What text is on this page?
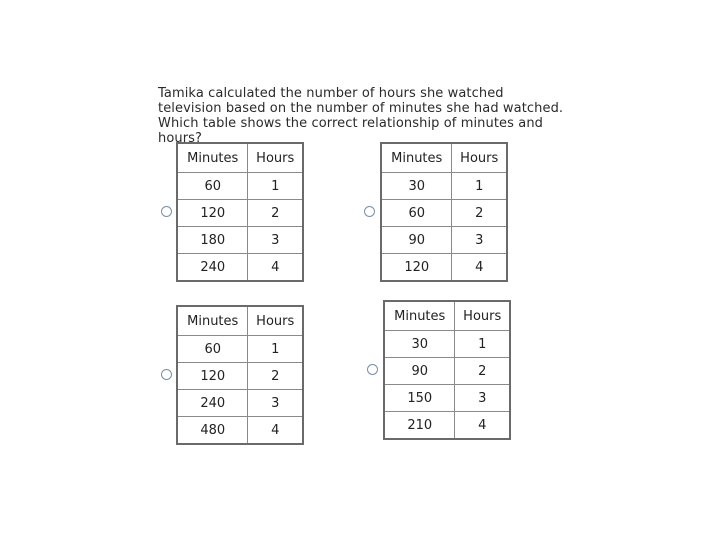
Tamika calculated the number of hours she watched television based on the number of minutes she had watched. Which table shows the correct relationship of minutes and hours?
Minutes	Hours
60	1
120	2
180	3
240	4
Minutes	Hours
30	1
60	2
90	3
120	4
Minutes	Hours
60	1
120	2
240	3
480	4
Minutes	Hours
30	1
90	2
150	3
210	4
